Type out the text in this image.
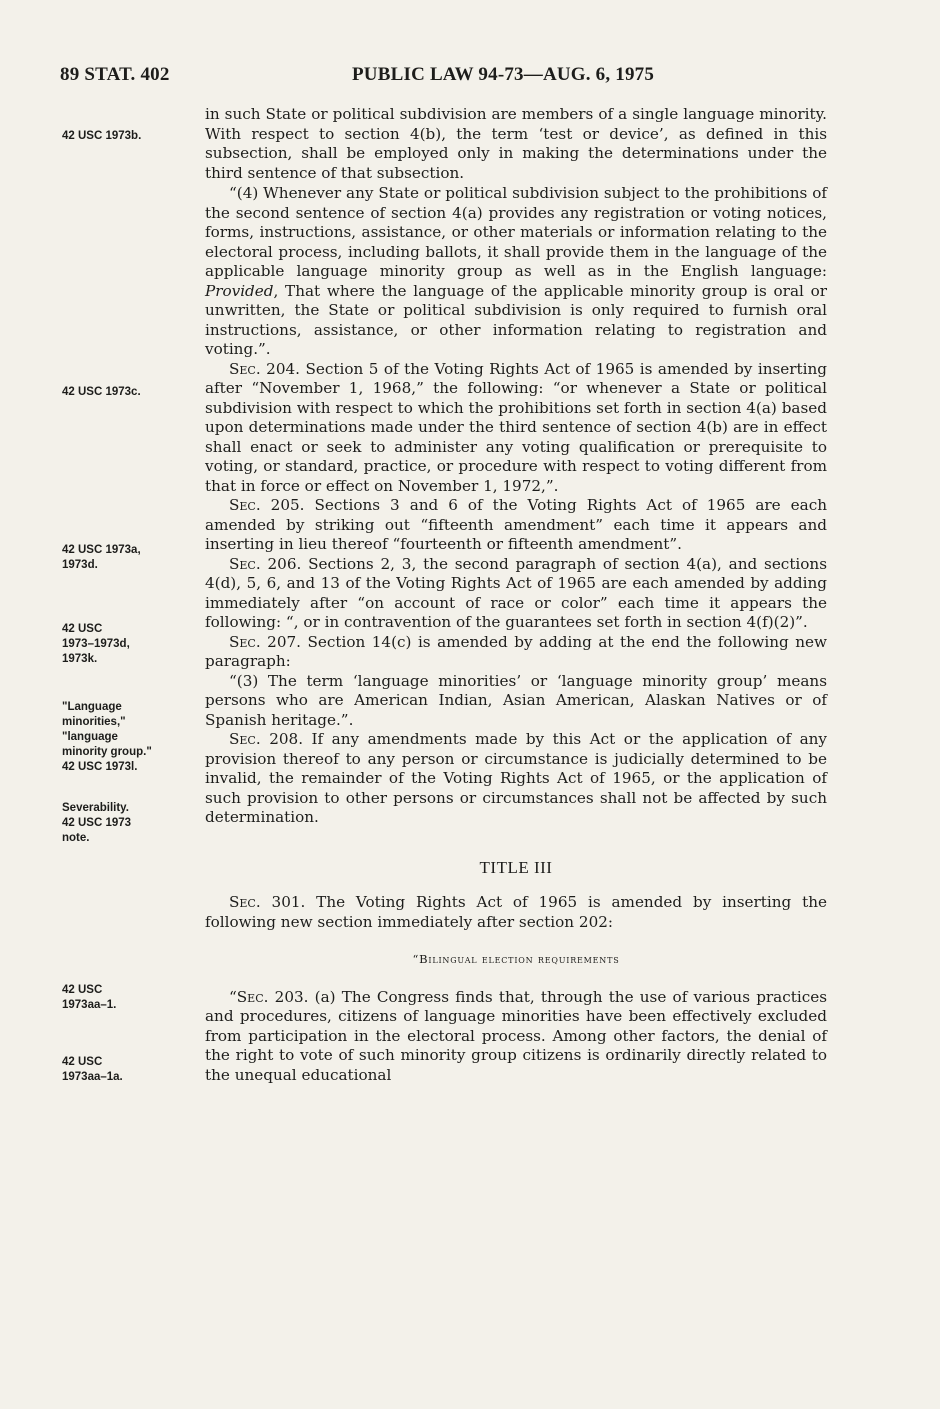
89 STAT. 402	PUBLIC LAW 94-73—AUG. 6, 1975
42 USC 1973b.
42 USC 1973c.
42 USC 1973a,
1973d.
42 USC
1973–1973d,
1973k.
"Language
minorities,"
"language
minority group."
42 USC 1973l.
Severability.
42 USC 1973
note.
42 USC
1973aa–1.
42 USC
1973aa–1a.

in such State or political subdivision are members of a single language minority. With respect to section 4(b), the term ‘test or device’, as defined in this subsection, shall be employed only in making the determinations under the third sentence of that subsection.

“(4) Whenever any State or political subdivision subject to the prohibitions of the second sentence of section 4(a) provides any registration or voting notices, forms, instructions, assistance, or other materials or information relating to the electoral process, including ballots, it shall provide them in the language of the applicable language minority group as well as in the English language: Provided, That where the language of the applicable minority group is oral or unwritten, the State or political subdivision is only required to furnish oral instructions, assistance, or other information relating to registration and voting.”.

Sec. 204. Section 5 of the Voting Rights Act of 1965 is amended by inserting after “November 1, 1968,” the following: “or whenever a State or political subdivision with respect to which the prohibitions set forth in section 4(a) based upon determinations made under the third sentence of section 4(b) are in effect shall enact or seek to administer any voting qualification or prerequisite to voting, or standard, practice, or procedure with respect to voting different from that in force or effect on November 1, 1972,”.

Sec. 205. Sections 3 and 6 of the Voting Rights Act of 1965 are each amended by striking out “fifteenth amendment” each time it appears and inserting in lieu thereof “fourteenth or fifteenth amendment”.

Sec. 206. Sections 2, 3, the second paragraph of section 4(a), and sections 4(d), 5, 6, and 13 of the Voting Rights Act of 1965 are each amended by adding immediately after “on account of race or color” each time it appears the following: “, or in contravention of the guarantees set forth in section 4(f)(2)”.

Sec. 207. Section 14(c) is amended by adding at the end the following new paragraph:

“(3) The term ‘language minorities’ or ‘language minority group’ means persons who are American Indian, Asian American, Alaskan Natives or of Spanish heritage.”.

Sec. 208. If any amendments made by this Act or the application of any provision thereof to any person or circumstance is judicially determined to be invalid, the remainder of the Voting Rights Act of 1965, or the application of such provision to other persons or circumstances shall not be affected by such determination.

TITLE III

Sec. 301. The Voting Rights Act of 1965 is amended by inserting the following new section immediately after section 202:

“Bilingual election requirements

“Sec. 203. (a) The Congress finds that, through the use of various practices and procedures, citizens of language minorities have been effectively excluded from participation in the electoral process. Among other factors, the denial of the right to vote of such minority group citizens is ordinarily directly related to the unequal educational
